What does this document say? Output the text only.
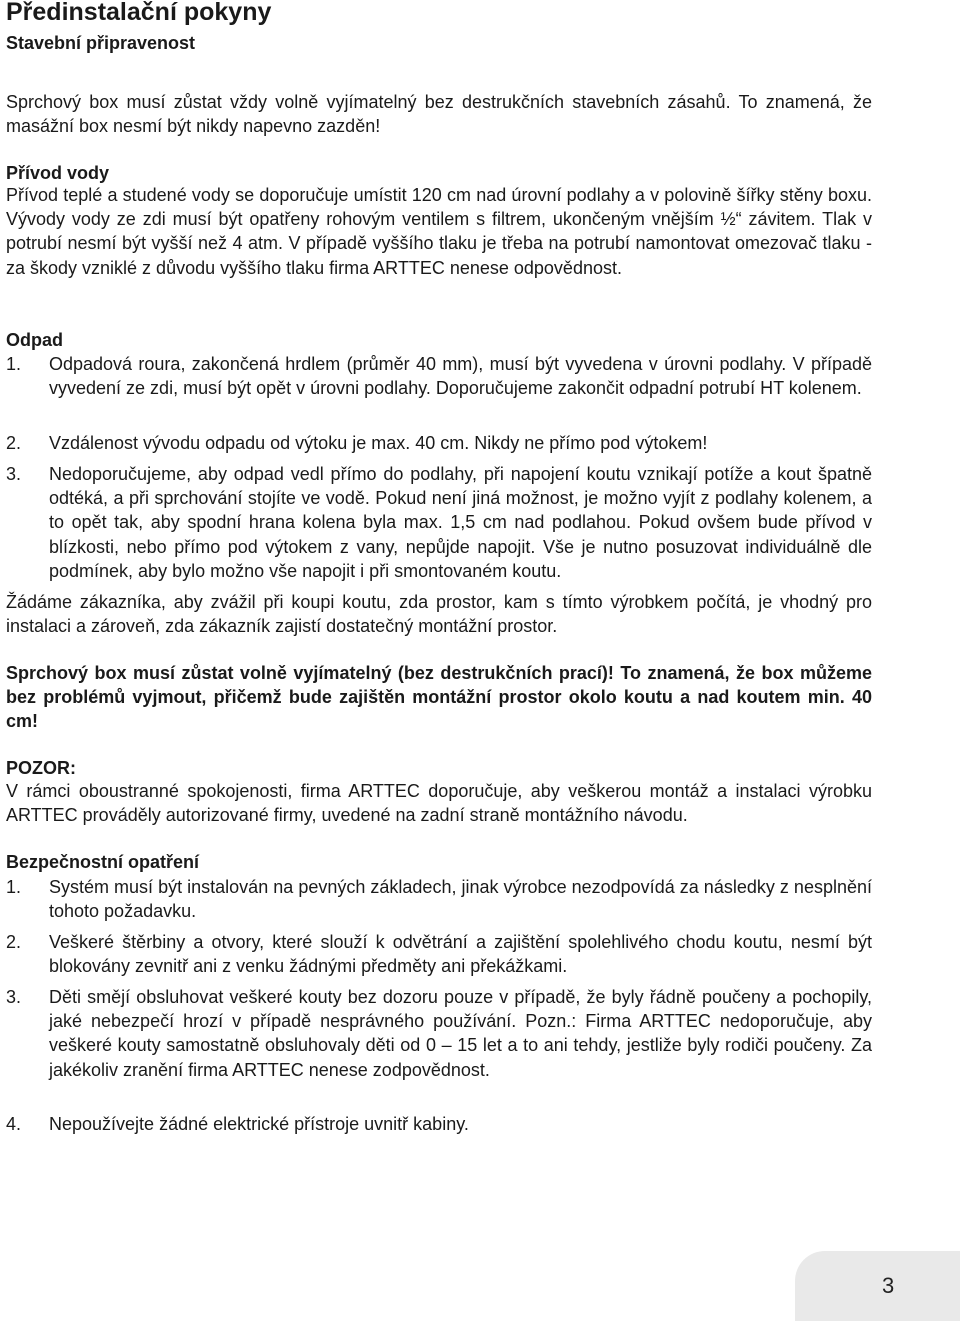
Předinstalační pokyny
Stavební připravenost
Sprchový box musí zůstat vždy volně vyjímatelný bez destrukčních stavebních zásahů. To znamená, že masážní box nesmí být nikdy napevno zazděn!
Přívod vody
Přívod teplé a studené vody se doporučuje umístit 120 cm nad úrovní podlahy a v polovině šířky stěny boxu. Vývody vody ze zdi musí být opatřeny rohovým ventilem s filtrem, ukončeným vnějším ½“ závitem. Tlak v potrubí nesmí být vyšší než 4 atm. V případě vyššího tlaku je třeba na potrubí namontovat omezovač tlaku - za škody vzniklé z důvodu vyššího tlaku firma ARTTEC nenese odpovědnost.
Odpad
1. Odpadová roura, zakončená hrdlem (průměr 40 mm), musí být vyvedena v úrovni podlahy. V případě vyvedení ze zdi, musí být opět v úrovni podlahy. Doporučujeme zakončit odpadní potrubí HT kolenem.
2. Vzdálenost vývodu odpadu od výtoku je max. 40 cm. Nikdy ne přímo pod výtokem!
3. Nedoporučujeme, aby odpad vedl přímo do podlahy, při napojení koutu vznikají potíže a kout špatně odtéká, a při sprchování stojíte ve vodě. Pokud není jiná možnost, je možno vyjít z podlahy kolenem, a to opět tak, aby spodní hrana kolena byla max. 1,5 cm nad podlahou. Pokud ovšem bude přívod v blízkosti, nebo přímo pod výtokem z vany, nepůjde napojit. Vše je nutno posuzovat individuálně dle podmínek, aby bylo možno vše napojit i při smontovaném koutu.
Žádáme zákazníka, aby zvážil při koupi koutu, zda prostor, kam s tímto výrobkem počítá, je vhodný pro instalaci a zároveň, zda zákazník zajistí dostatečný montážní prostor.
Sprchový box musí zůstat volně vyjímatelný (bez destrukčních prací)! To znamená, že box můžeme bez problémů vyjmout, přičemž bude zajištěn montážní prostor okolo koutu a nad koutem min. 40 cm!
POZOR:
V rámci oboustranné spokojenosti, firma ARTTEC doporučuje, aby veškerou montáž a instalaci výrobku ARTTEC prováděly autorizované firmy, uvedené na zadní straně montážního návodu.
Bezpečnostní opatření
1. Systém musí být instalován na pevných základech, jinak výrobce nezodpovídá za následky z nesplnění tohoto požadavku.
2. Veškeré štěrbiny a otvory, které slouží k odvětrání a zajištění spolehlivého chodu koutu, nesmí být blokovány zevnitř ani z venku žádnými předměty ani překážkami.
3. Děti smějí obsluhovat veškeré kouty bez dozoru pouze v případě, že byly řádně poučeny a pochopily, jaké nebezpečí hrozí v případě nesprávného používání. Pozn.: Firma ARTTEC nedoporučuje, aby veškeré kouty samostatně obsluhovaly děti od 0 – 15 let a to ani tehdy, jestliže byly rodiči poučeny. Za jakékoliv zranění firma ARTTEC nenese zodpovědnost.
4. Nepoužívejte žádné elektrické přístroje uvnitř kabiny.
3
